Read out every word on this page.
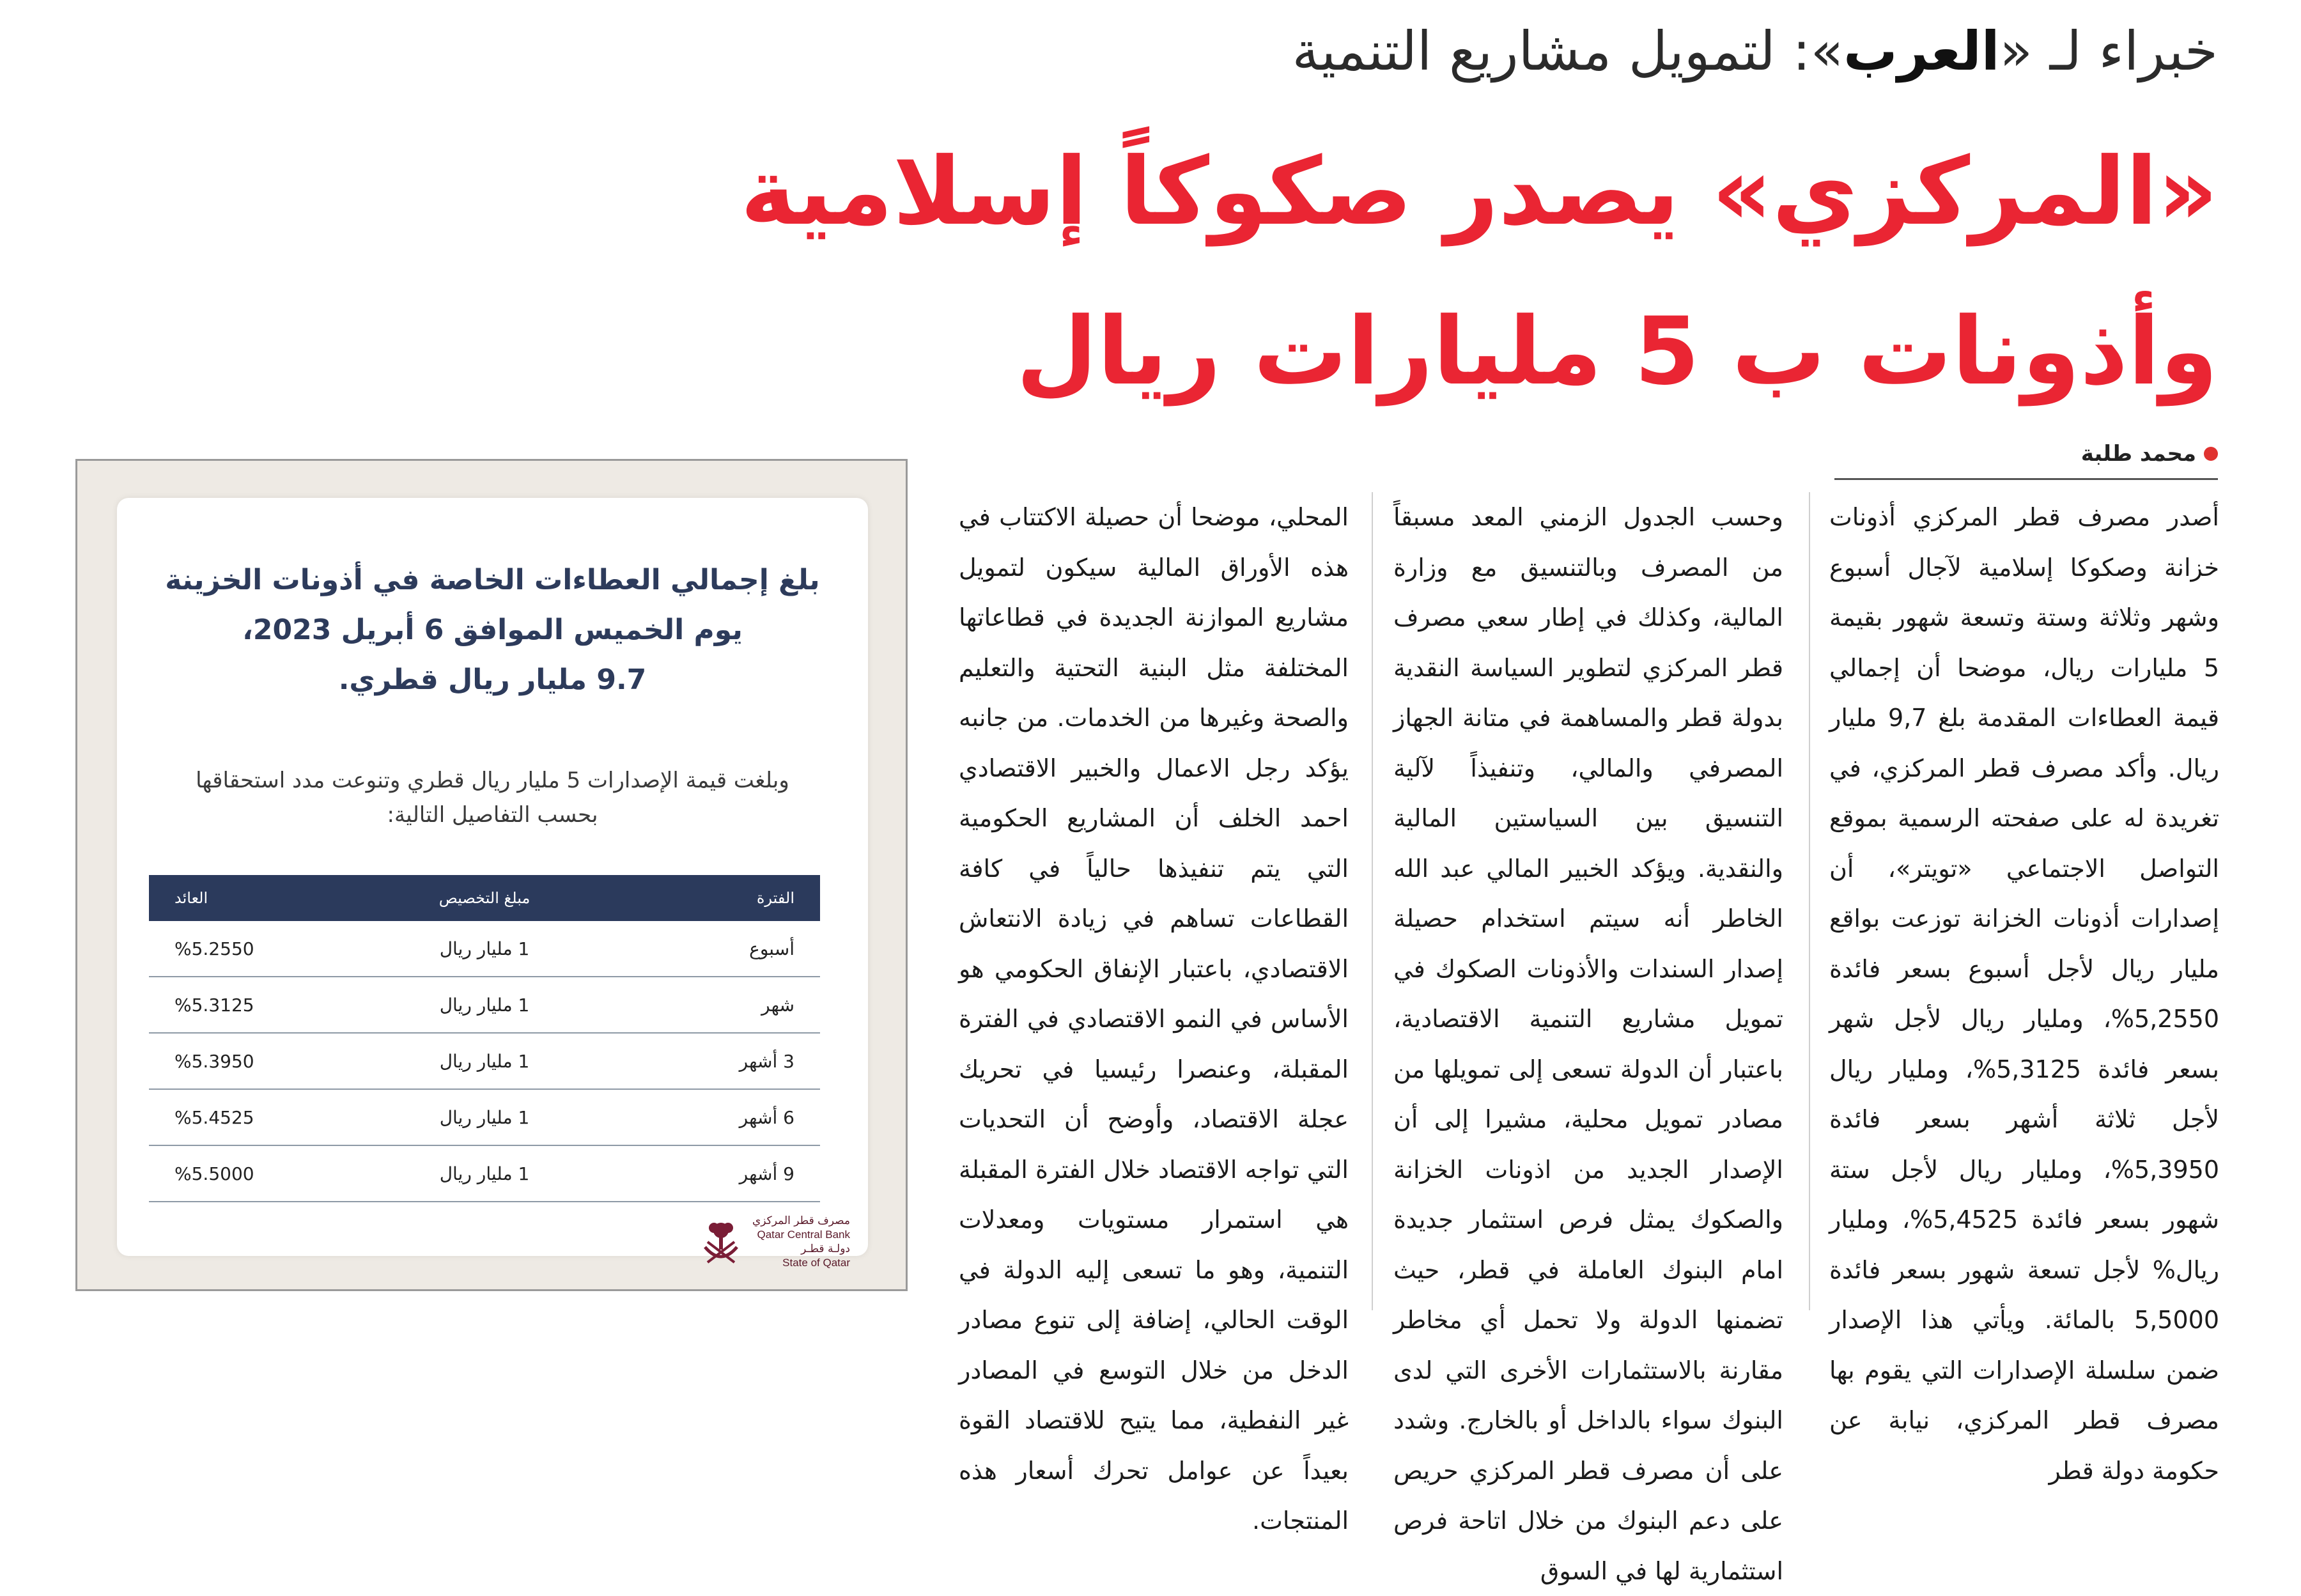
خبراء لـ «العرب»: لتمويل مشاريع التنمية
«المركزي» يصدر صكوكاً إسلامية
وأذونات ب 5 مليارات ريال
محمد طلبة

أصدر مصرف قطر المركزي أذونات خزانة وصكوكا إسلامية لآجال أسبوع وشهر وثلاثة وستة وتسعة شهور بقيمة 5 مليارات ريال، موضحا أن إجمالي قيمة العطاءات المقدمة بلغ 9,7 مليار ريال. وأكد مصرف قطر المركزي، في تغريدة له على صفحته الرسمية بموقع التواصل الاجتماعي «تويتر»، أن إصدارات أذونات الخزانة توزعت بواقع مليار ريال لأجل أسبوع بسعر فائدة 5,2550%، ومليار ريال لأجل شهر بسعر فائدة 5,3125%، ومليار ريال لأجل ثلاثة أشهر بسعر فائدة 5,3950%، ومليار ريال لأجل ستة شهور بسعر فائدة 5,4525%، ومليار ريال% لأجل تسعة شهور بسعر فائدة 5,5000 بالمائة. ويأتي هذا الإصدار ضمن سلسلة الإصدارات التي يقوم بها مصرف قطر المركزي، نيابة عن حكومة دولة قطر

وحسب الجدول الزمني المعد مسبقاً من المصرف وبالتنسيق مع وزارة المالية، وكذلك في إطار سعي مصرف قطر المركزي لتطوير السياسة النقدية بدولة قطر والمساهمة في متانة الجهاز المصرفي والمالي، وتنفيذاً لآلية التنسيق بين السياستين المالية والنقدية. ويؤكد الخبير المالي عبد الله الخاطر أنه سيتم استخدام حصيلة إصدار السندات والأذونات الصكوك في تمويل مشاريع التنمية الاقتصادية، باعتبار أن الدولة تسعى إلى تمويلها من مصادر تمويل محلية، مشيرا إلى أن الإصدار الجديد من اذونات الخزانة والصكوك يمثل فرص استثمار جديدة امام البنوك العاملة في قطر، حيث تضمنها الدولة ولا تحمل أي مخاطر مقارنة بالاستثمارات الأخرى التي لدى البنوك سواء بالداخل أو بالخارج. وشدد على أن مصرف قطر المركزي حريص على دعم البنوك من خلال اتاحة فرص استثمارية لها في السوق

المحلي، موضحا أن حصيلة الاكتتاب في هذه الأوراق المالية سيكون لتمويل مشاريع الموازنة الجديدة في قطاعاتها المختلفة مثل البنية التحتية والتعليم والصحة وغيرها من الخدمات. من جانبه يؤكد رجل الاعمال والخبير الاقتصادي احمد الخلف أن المشاريع الحكومية التي يتم تنفيذها حالياً في كافة القطاعات تساهم في زيادة الانتعاش الاقتصادي، باعتبار الإنفاق الحكومي هو الأساس في النمو الاقتصادي في الفترة المقبلة، وعنصرا رئيسيا في تحريك عجلة الاقتصاد، وأوضح أن التحديات التي تواجه الاقتصاد خلال الفترة المقبلة هي استمرار مستويات ومعدلات التنمية، وهو ما تسعى إليه الدولة في الوقت الحالي، إضافة إلى تنوع مصادر الدخل من خلال التوسع في المصادر غير النفطية، مما يتيح للاقتصاد القوة بعيداً عن عوامل تحرك أسعار هذه المنتجات.

بلغ إجمالي العطاءات الخاصة في أذونات الخزينة
يوم الخميس الموافق 6 أبريل 2023،
9.7 مليار ريال قطري.
وبلغت قيمة الإصدارات 5 مليار ريال قطري وتنوعت مدد استحقاقها
بحسب التفاصيل التالية:
الفترة	مبلغ التخصيص	العائد
أسبوع	1 مليار ريال	%5.2550
شهر	1 مليار ريال	%5.3125
3 أشهر	1 مليار ريال	%5.3950
6 أشهر	1 مليار ريال	%5.4525
9 أشهر	1 مليار ريال	%5.5000
مصرف قطر المركزي
Qatar Central Bank
دولـة قطـر
State of Qatar
